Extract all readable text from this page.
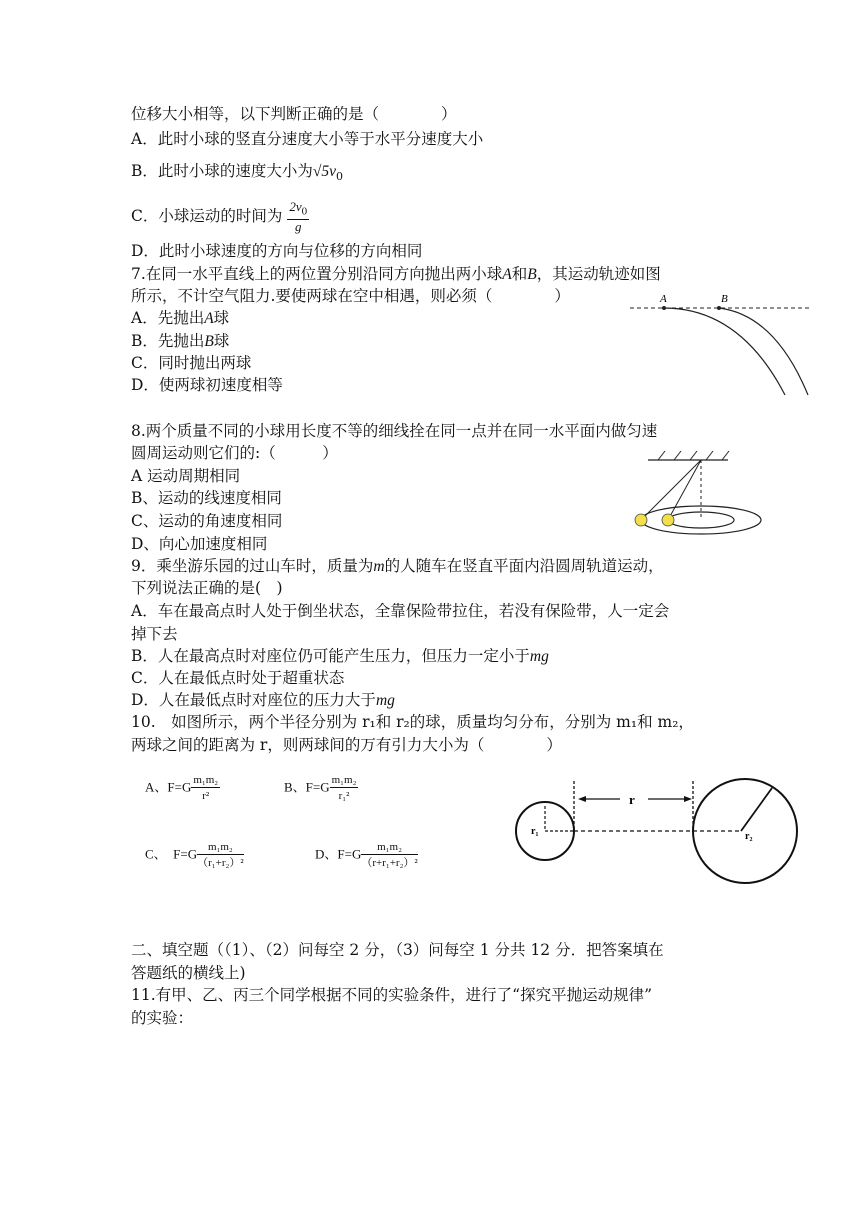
位移大小相等，以下判断正确的是（　　　　）
A．此时小球的竖直分速度大小等于水平分速度大小
B．此时小球的速度大小为$√5v_0$
C．小球运动的时间为 $\frac{2v_0}{g}$
D．此时小球速度的方向与位移的方向相同
7.在同一水平直线上的两位置分别沿同方向抛出两小球A和B，其运动轨迹如图
所示，不计空气阻力.要使两球在空中相遇，则必须（　　　　）
A．先抛出A球
B．先抛出B球
C．同时抛出两球
D．使两球初速度相等
A	B
8.两个质量不同的小球用长度不等的细线拴在同一点并在同一水平面内做匀速
圆周运动则它们的:（　　　）
A 运动周期相同
B、运动的线速度相同
C、运动的角速度相同
D、向心加速度相同
9．乘坐游乐园的过山车时，质量为m的人随车在竖直平面内沿圆周轨道运动，
下列说法正确的是(　)
A．车在最高点时人处于倒坐状态，全靠保险带拉住，若没有保险带，人一定会
掉下去
B．人在最高点时对座位仍可能产生压力，但压力一定小于mg
C．人在最低点时处于超重状态
D．人在最低点时对座位的压力大于mg
10.　如图所示，两个半径分别为 r₁和 r₂的球，质量均匀分布，分别为 m₁和 m₂，
两球之间的距离为 r，则两球间的万有引力大小为（　　　　）
A、$F=G \frac{\text{m₁m₂}}{\text{r²}}$	B、$F=G \frac{\text{m₁m₂}}{\text{r₁²}}$
C、　$F=G \frac{\text{m₁m₂}}{\text{（r₁+r₂）²}}$	D、$F=G \frac{\text{m₁m₂}}{\text{（r+r₁+r₂）²}}$
r
r₁	r₂
二、填空题（（1）、（2）问每空 2 分，（3）问每空 1 分共 12 分．把答案填在
答题纸的横线上)
11.有甲、乙、丙三个同学根据不同的实验条件，进行了“探究平抛运动规律”
的实验：
